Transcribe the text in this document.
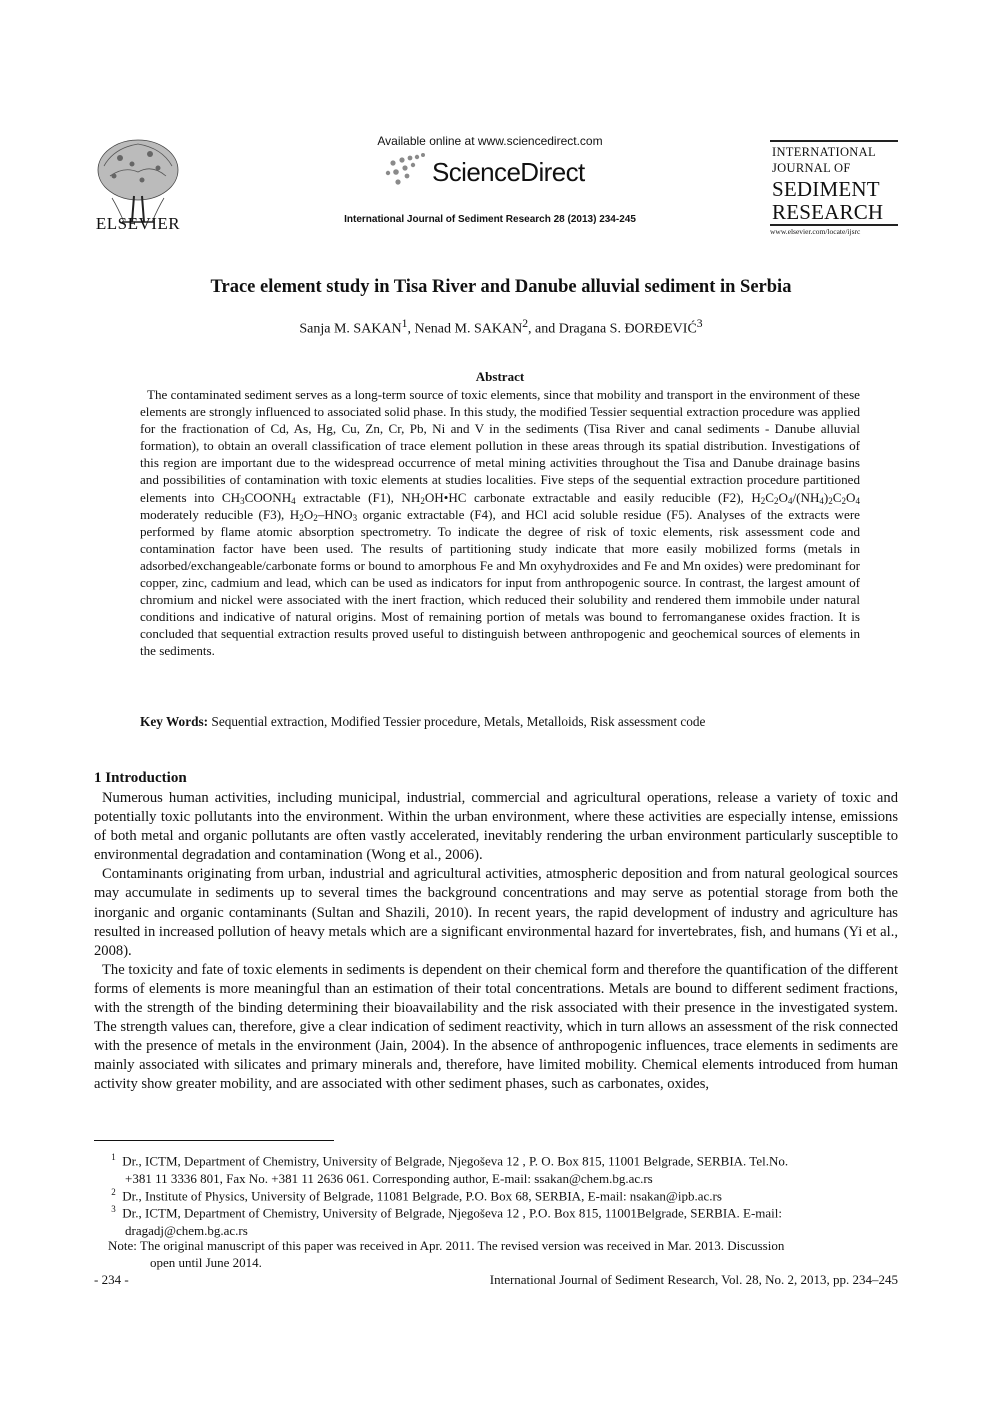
ELSEVIER
Available online at www.sciencedirect.com
ScienceDirect
International Journal of Sediment Research 28 (2013) 234-245
INTERNATIONAL
JOURNAL OF
SEDIMENT
RESEARCH
www.elsevier.com/locate/ijsrc
Trace element study in Tisa River and Danube alluvial sediment in Serbia
Sanja M. SAKAN$^1$, Nenad M. SAKAN$^2$, and Dragana S. ĐORĐEVIĆ$^3$
Abstract
The contaminated sediment serves as a long-term source of toxic elements, since that mobility and transport in the environment of these elements are strongly influenced to associated solid phase. In this study, the modified Tessier sequential extraction procedure was applied for the fractionation of Cd, As, Hg, Cu, Zn, Cr, Pb, Ni and V in the sediments (Tisa River and canal sediments - Danube alluvial formation), to obtain an overall classification of trace element pollution in these areas through its spatial distribution. Investigations of this region are important due to the widespread occurrence of metal mining activities throughout the Tisa and Danube drainage basins and possibilities of contamination with toxic elements at studies localities. Five steps of the sequential extraction procedure partitioned elements into $CH_3COONH_4$ extractable (F1), $NH_2OH•HC$ carbonate extractable and easily reducible (F2), $H_2C_2O_4/(NH_4)_2C_2O_4$ moderately reducible (F3), $H_2O_2-HNO_3$ organic extractable (F4), and HCl acid soluble residue (F5). Analyses of the extracts were performed by flame atomic absorption spectrometry. To indicate the degree of risk of toxic elements, risk assessment code and contamination factor have been used. The results of partitioning study indicate that more easily mobilized forms (metals in adsorbed/exchangeable/carbonate forms or bound to amorphous Fe and Mn oxyhydroxides and Fe and Mn oxides) were predominant for copper, zinc, cadmium and lead, which can be used as indicators for input from anthropogenic source. In contrast, the largest amount of chromium and nickel were associated with the inert fraction, which reduced their solubility and rendered them immobile under natural conditions and indicative of natural origins. Most of remaining portion of metals was bound to ferromanganese oxides fraction. It is concluded that sequential extraction results proved useful to distinguish between anthropogenic and geochemical sources of elements in the sediments.
Key Words: Sequential extraction, Modified Tessier procedure, Metals, Metalloids, Risk assessment code
1 Introduction

Numerous human activities, including municipal, industrial, commercial and agricultural operations, release a variety of toxic and potentially toxic pollutants into the environment. Within the urban environment, where these activities are especially intense, emissions of both metal and organic pollutants are often vastly accelerated, inevitably rendering the urban environment particularly susceptible to environmental degradation and contamination (Wong et al., 2006).

Contaminants originating from urban, industrial and agricultural activities, atmospheric deposition and from natural geological sources may accumulate in sediments up to several times the background concentrations and may serve as potential storage from both the inorganic and organic contaminants (Sultan and Shazili, 2010). In recent years, the rapid development of industry and agriculture has resulted in increased pollution of heavy metals which are a significant environmental hazard for invertebrates, fish, and humans (Yi et al., 2008).

The toxicity and fate of toxic elements in sediments is dependent on their chemical form and therefore the quantification of the different forms of elements is more meaningful than an estimation of their total concentrations. Metals are bound to different sediment fractions, with the strength of the binding determining their bioavailability and the risk associated with their presence in the investigated system. The strength values can, therefore, give a clear indication of sediment reactivity, which in turn allows an assessment of the risk connected with the presence of metals in the environment (Jain, 2004). In the absence of anthropogenic influences, trace elements in sediments are mainly associated with silicates and primary minerals and, therefore, have limited mobility. Chemical elements introduced from human activity show greater mobility, and are associated with other sediment phases, such as carbonates, oxides,

$^1$ Dr., ICTM, Department of Chemistry, University of Belgrade, Njegoševa 12 , P. O. Box 815, 11001 Belgrade, SERBIA. Tel.No.
+381 11 3336 801, Fax No. +381 11 2636 061. Corresponding author, E-mail: ssakan@chem.bg.ac.rs
$^2$ Dr., Institute of Physics, University of Belgrade, 11081 Belgrade, P.O. Box 68, SERBIA, E-mail: nsakan@ipb.ac.rs
$^3$ Dr., ICTM, Department of Chemistry, University of Belgrade, Njegoševa 12 , P.O. Box 815, 11001Belgrade, SERBIA. E-mail:
dragadj@chem.bg.ac.rs
Note: The original manuscript of this paper was received in Apr. 2011. The revised version was received in Mar. 2013. Discussion
open until June 2014.
- 234 -	International Journal of Sediment Research, Vol. 28, No. 2, 2013, pp. 234–245
